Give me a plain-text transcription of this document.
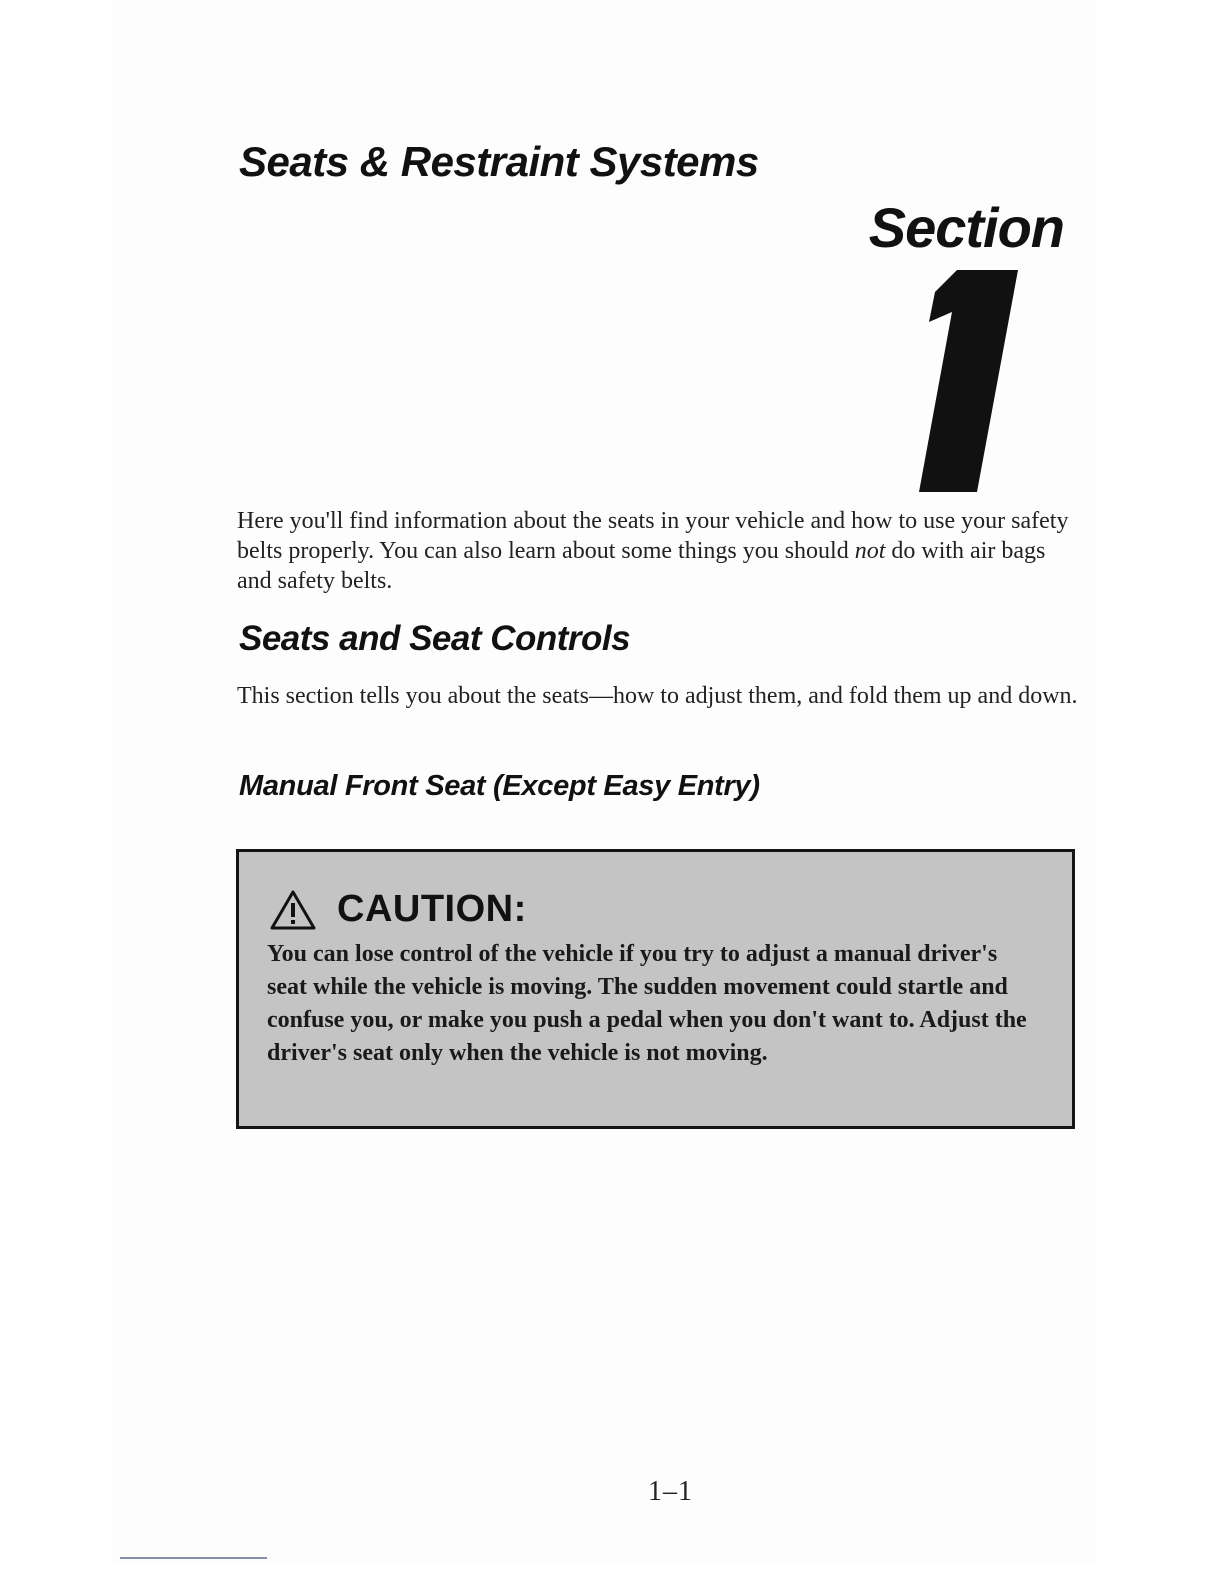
Seats & Restraint Systems
Section

Here you'll find information about the seats in your vehicle and how to use your safety belts properly. You can also learn about some things you should not do with air bags and safety belts.

Seats and Seat Controls

This section tells you about the seats—how to adjust them, and fold them up and down.

Manual Front Seat (Except Easy Entry)
CAUTION:

You can lose control of the vehicle if you try to adjust a manual driver's seat while the vehicle is moving. The sudden movement could startle and confuse you, or make you push a pedal when you don't want to. Adjust the driver's seat only when the vehicle is not moving.

1–1
